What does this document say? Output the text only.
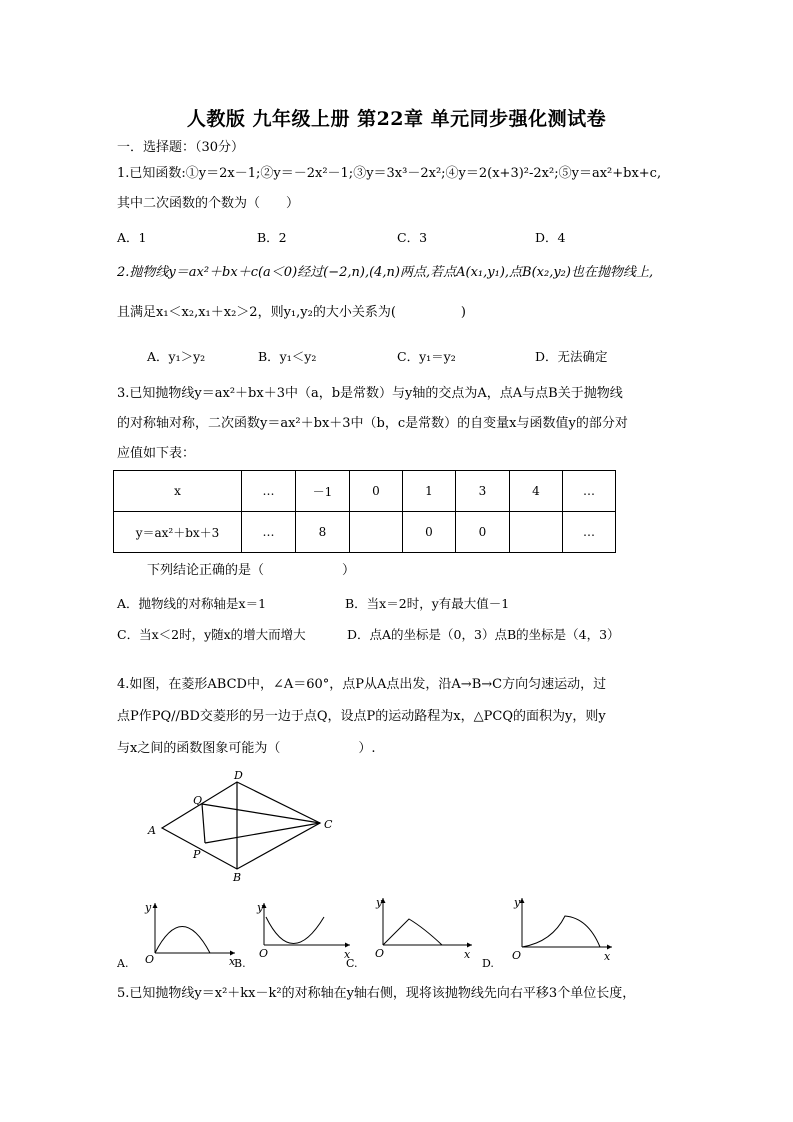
人教版 九年级上册 第22章 单元同步强化测试卷
一．选择题：（30分）
1.已知函数:①y＝2x－1;②y＝－2x²－1;③y＝3x³－2x²;④y＝2(x+3)²-2x²;⑤y＝ax²+bx+c,
其中二次函数的个数为（　　）
A．1	B．2	C．3	D．4
2.抛物线y＝ax²＋bx＋c(a＜0)经过(−2,n),(4,n)两点,若点A(x₁,y₁),点B(x₂,y₂)也在抛物线上,
且满足x₁＜x₂,x₁＋x₂＞2，则y₁,y₂的大小关系为(　　　　　)
A．y₁＞y₂	B．y₁＜y₂	C．y₁＝y₂	D．无法确定
3.已知抛物线y＝ax²＋bx＋3中（a，b是常数）与y轴的交点为A，点A与点B关于抛物线
的对称轴对称，二次函数y＝ax²＋bx＋3中（b，c是常数）的自变量x与函数值y的部分对
应值如下表：
x	…	－1	0	1	3	4	…
y＝ax²＋bx＋3	…	8		0	0		…
下列结论正确的是（　　　　　　）
A．抛物线的对称轴是x＝1	B．当x＝2时，y有最大值－1
C．当x＜2时，y随x的增大而增大	D．点A的坐标是（0，3）点B的坐标是（4，3）
4.如图，在菱形ABCD中，∠A＝60°，点P从A点出发，沿A→B→C方向匀速运动，过
点P作PQ//BD交菱形的另一边于点Q，设点P的运动路程为x，△PCQ的面积为y，则y
与x之间的函数图象可能为（　　　　　　）.
A
D
C
B
Q
P
y
x
O
A.
y
x
O
B.
y
x
O
C.
y
x
O
D.
5.已知抛物线y＝x²＋kx－k²的对称轴在y轴右侧，现将该抛物线先向右平移3个单位长度，
